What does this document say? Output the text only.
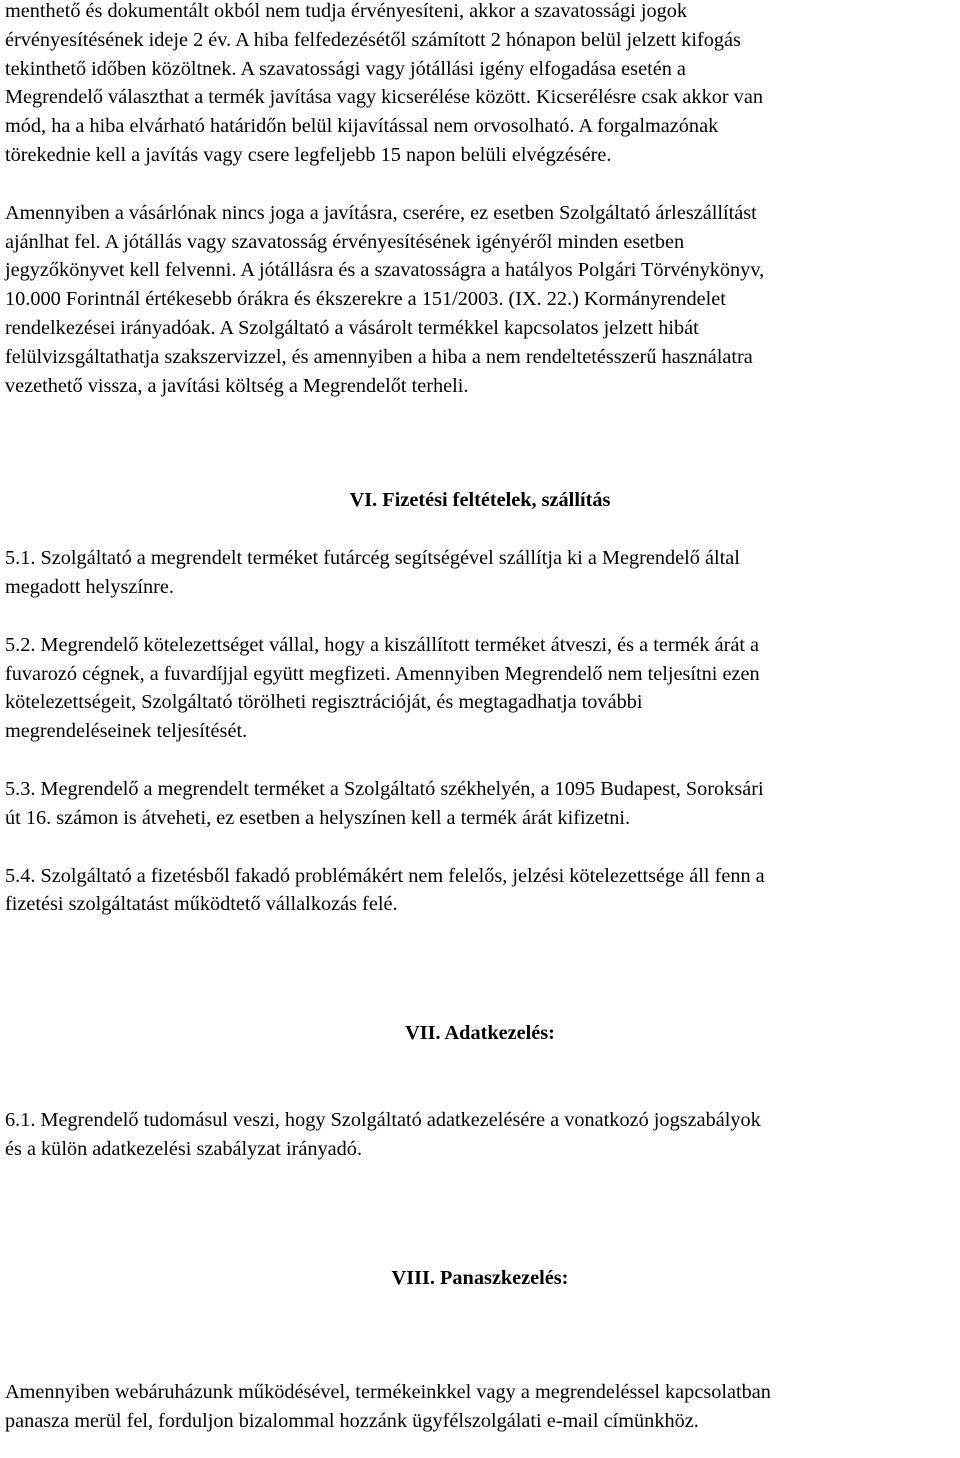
menthető és dokumentált okból nem tudja érvényesíteni, akkor a szavatossági jogok
érvényesítésének ideje 2 év. A hiba felfedezésétől számított 2 hónapon belül jelzett kifogás
tekinthető időben közöltnek. A szavatossági vagy jótállási igény elfogadása esetén a
Megrendelő választhat a termék javítása vagy kicserélése között. Kicserélésre csak akkor van
mód, ha a hiba elvárható határidőn belül kijavítással nem orvosolható. A forgalmazónak
törekednie kell a javítás vagy csere legfeljebb 15 napon belüli elvégzésére.

Amennyiben a vásárlónak nincs joga a javításra, cserére, ez esetben Szolgáltató árleszállítást
ajánlhat fel. A jótállás vagy szavatosság érvényesítésének igényéről minden esetben
jegyzőkönyvet kell felvenni. A jótállásra és a szavatosságra a hatályos Polgári Törvénykönyv,
10.000 Forintnál értékesebb órákra és ékszerekre a 151/2003. (IX. 22.) Kormányrendelet
rendelkezései irányadóak. A Szolgáltató a vásárolt termékkel kapcsolatos jelzett hibát
felülvizsgáltathatja szakszervizzel, és amennyiben a hiba a nem rendeltetésszerű használatra
vezethető vissza, a javítási költség a Megrendelőt terheli.

VI. Fizetési feltételek, szállítás

5.1. Szolgáltató a megrendelt terméket futárcég segítségével szállítja ki a Megrendelő által
megadott helyszínre.

5.2. Megrendelő kötelezettséget vállal, hogy a kiszállított terméket átveszi, és a termék árát a
fuvarozó cégnek, a fuvardíjjal együtt megfizeti. Amennyiben Megrendelő nem teljesítni ezen
kötelezettségeit, Szolgáltató törölheti regisztrációját, és megtagadhatja további
megrendeléseinek teljesítését.

5.3. Megrendelő a megrendelt terméket a Szolgáltató székhelyén, a 1095 Budapest, Soroksári
út 16. számon is átveheti, ez esetben a helyszínen kell a termék árát kifizetni.

5.4. Szolgáltató a fizetésből fakadó problémákért nem felelős, jelzési kötelezettsége áll fenn a
fizetési szolgáltatást működtető vállalkozás felé.

VII. Adatkezelés:

6.1. Megrendelő tudomásul veszi, hogy Szolgáltató adatkezelésére a vonatkozó jogszabályok
és a külön adatkezelési szabályzat irányadó.

VIII. Panaszkezelés:

Amennyiben webáruházunk működésével, termékeinkkel vagy a megrendeléssel kapcsolatban
panasza merül fel, forduljon bizalommal hozzánk ügyfélszolgálati e-mail címünkhöz.
